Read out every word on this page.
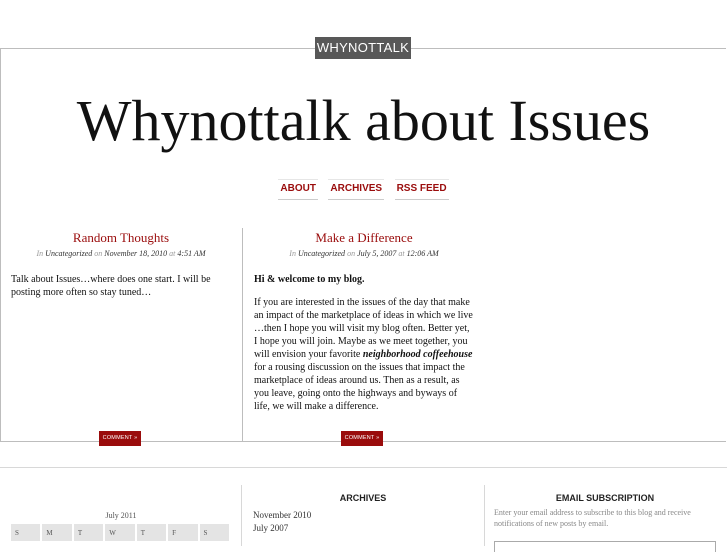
WHYNOTTALK
Whynottalk about Issues
ABOUT ARCHIVES RSS FEED
Random Thoughts
In Uncategorized on November 18, 2010 at 4:51 AM

Talk about Issues…where does one start. I will be posting more often so stay tuned…

COMMENT »
Make a Difference
In Uncategorized on July 5, 2007 at 12:06 AM

Hi & welcome to my blog.

If you are interested in the issues of the day that make an impact of the marketplace of ideas in which we live …then I hope you will visit my blog often. Better yet, I hope you will join. Maybe as we meet together, you will envision your favorite neighborhood coffeehouse for a rousing discussion on the issues that impact the marketplace of ideas around us. Then as a result, as you leave, going onto the highways and byways of life, we will make a difference.

COMMENT »
July 2011
S	M	T	W	T	F	S
ARCHIVES
November 2010
July 2007
EMAIL SUBSCRIPTION
Enter your email address to subscribe to this blog and receive notifications of new posts by email.
